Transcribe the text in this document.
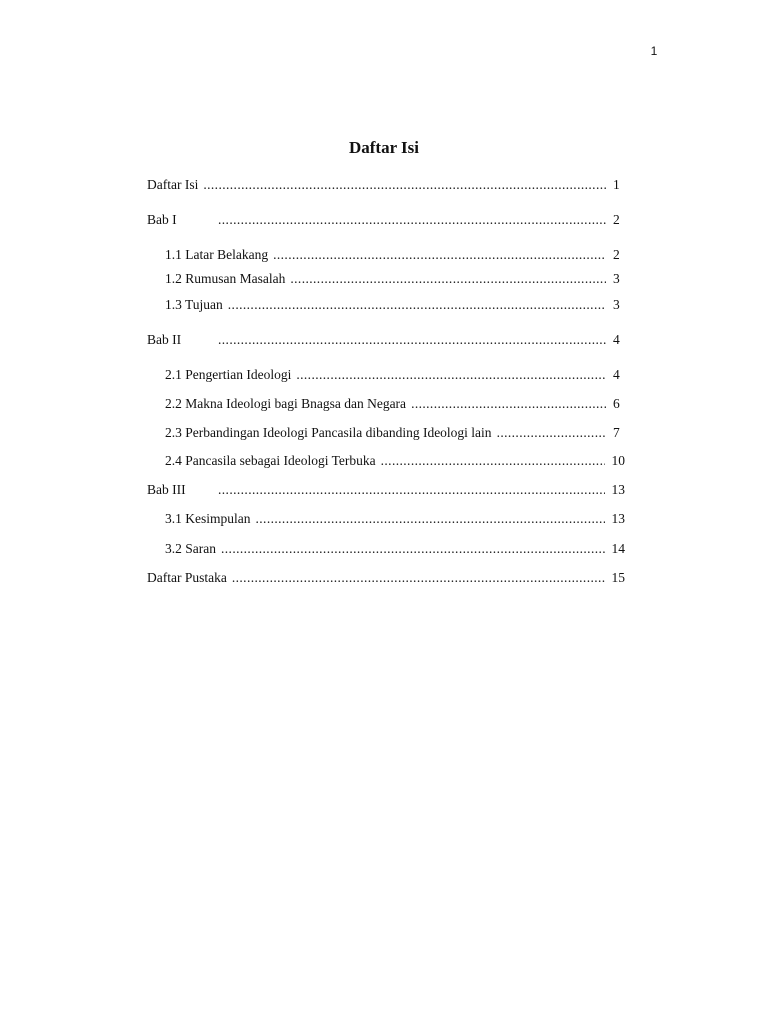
1
Daftar Isi
Daftar Isi .....	1
Bab I .....	2
1.1 Latar Belakang .....	2
1.2 Rumusan Masalah .....	3
1.3 Tujuan .....	3
Bab II .....	4
2.1 Pengertian Ideologi .....	4
2.2 Makna Ideologi bagi Bnagsa dan Negara .....	6
2.3 Perbandingan Ideologi Pancasila dibanding Ideologi lain .....	7
2.4 Pancasila sebagai Ideologi Terbuka .....	10
Bab III .....	13
3.1 Kesimpulan .....	13
3.2 Saran .....	14
Daftar Pustaka .....	15
